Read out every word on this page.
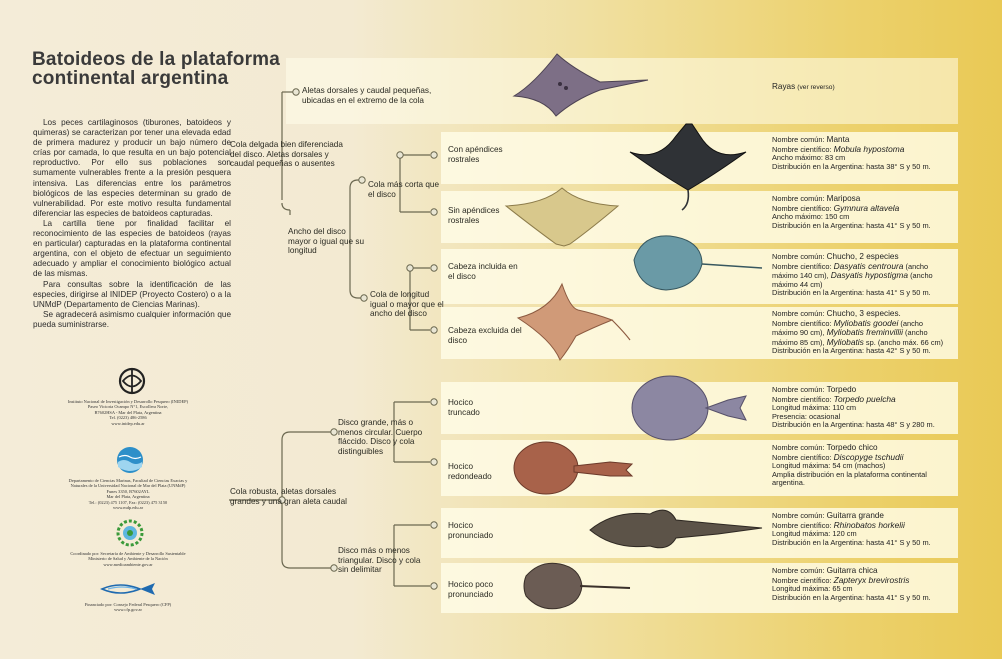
Batoideos de la plataforma
continental argentina

Los peces cartilaginosos (tiburones, batoideos y quimeras) se caracterizan por tener una elevada edad de primera madurez y producir un bajo número de crías por camada, lo que resulta en un bajo potencial reproductivo. Por ello sus poblaciones son sumamente vulnerables frente a la presión pesquera intensiva. Las diferencias entre los parámetros biológicos de las especies determinan su grado de vulnerabilidad. Por este motivo resulta fundamental diferenciar las especies de batoideos capturadas.

La cartilla tiene por finalidad facilitar el reconocimiento de las especies de batoideos (rayas en particular) capturadas en la plataforma continental argentina, con el objeto de efectuar un seguimiento adecuado y ampliar el conocimiento biológico actual de las mismas.

Para consultas sobre la identificación de las especies, dirigirse al INIDEP (Proyecto Costero) o a la UNMdP (Departamento de Ciencias Marinas).

Se agradecerá asimismo cualquier información que pueda suministrarse.

Instituto Nacional de Investigación y Desarrollo Pesquero (INIDEP)
Paseo Victoria Ocampo N°1, Escollera Norte,
B7602HSA - Mar del Plata, Argentina
Tel. (0223) 486-2586
www.inidep.edu.ar
Departamento de Ciencias Marinas, Facultad de Ciencias Exactas y
Naturales de la Universidad Nacional de Mar del Plata (UNMdP)
Funes 3350, B7602AYL
Mar del Plata, Argentina
Tel.: (0223) 475 1107, Fax: (0223) 475 3150
www.mdp.edu.ar
Coordinado por: Secretaría de Ambiente y Desarrollo Sustentable
Ministerio de Salud y Ambiente de la Nación
www.medioambiente.gov.ar
Financiado por: Consejo Federal Pesquero (CFP)
www.cfp.gov.ar
Cola delgada bien diferenciada del disco. Aletas dorsales y caudal pequeñas o ausentes
Aletas dorsales y caudal pequeñas, ubicadas en el extremo de la cola
Ancho del disco mayor o igual que su longitud
Cola más corta que el disco
Cola de longitud igual o mayor que el ancho del disco
Con apéndices rostrales
Sin apéndices rostrales
Cabeza incluida en el disco
Cabeza excluida del disco
Cola robusta, aletas dorsales grandes y una gran aleta caudal
Disco grande, más o menos circular. Cuerpo fláccido. Disco y cola distinguibles
Disco más o menos triangular. Disco y cola sin delimitar
Hocico truncado
Hocico redondeado
Hocico pronunciado
Hocico poco pronunciado
Rayas (ver reverso)
Nombre común: Manta
Nombre científico: Mobula hypostoma
Ancho máximo: 83 cm
Distribución en la Argentina: hasta 38° S y 50 m.
Nombre común: Mariposa
Nombre científico: Gymnura altavela
Ancho máximo: 150 cm
Distribución en la Argentina: hasta 41° S y 50 m.
Nombre común: Chucho, 2 especies
Nombre científico: Dasyatis centroura (ancho
máximo 140 cm), Dasyatis hypostigma (ancho
máximo 44 cm)
Distribución en la Argentina: hasta 41° S y 50 m.
Nombre común: Chucho, 3 especies.
Nombre científico: Myliobatis goodei (ancho
máximo 90 cm), Myliobatis freminvillii (ancho
máximo 85 cm), Myliobatis sp. (ancho máx. 66 cm)
Distribución en la Argentina: hasta 42° S y 50 m.
Nombre común: Torpedo
Nombre científico: Torpedo puelcha
Longitud máxima: 110 cm
Presencia: ocasional
Distribución en la Argentina: hasta 48° S y 280 m.
Nombre común: Torpedo chico
Nombre científico: Discopyge tschudii
Longitud máxima: 54 cm (machos)
Amplia distribución en la plataforma continental
argentina.
Nombre común: Guitarra grande
Nombre científico: Rhinobatos horkelii
Longitud máxima: 120 cm
Distribución en la Argentina: hasta 41° S y 50 m.
Nombre común: Guitarra chica
Nombre científico: Zapteryx brevirostris
Longitud máxima: 65 cm
Distribución en la Argentina: hasta 41° S y 50 m.
